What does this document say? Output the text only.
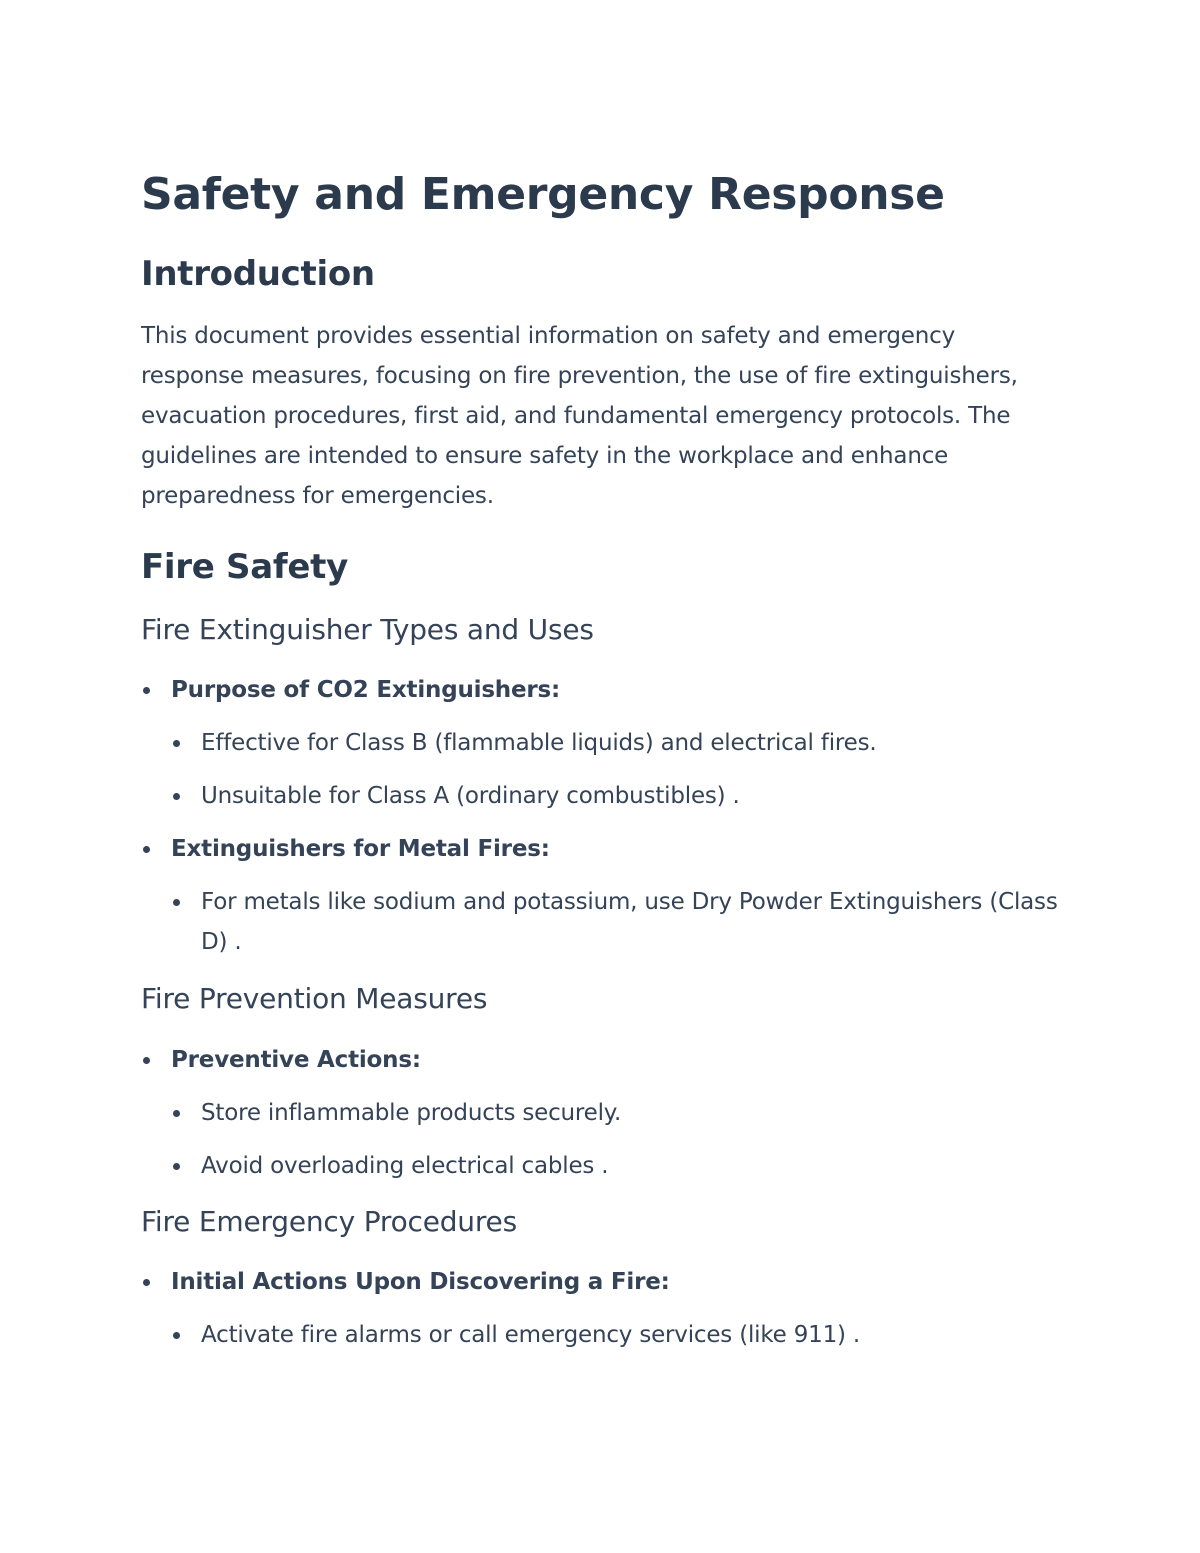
Safety and Emergency Response
Introduction

This document provides essential information on safety and emergency response measures, focusing on fire prevention, the use of fire extinguishers, evacuation procedures, first aid, and fundamental emergency protocols. The guidelines are intended to ensure safety in the workplace and enhance preparedness for emergencies.

Fire Safety
Fire Extinguisher Types and Uses
Purpose of CO2 Extinguishers:
Effective for Class B (flammable liquids) and electrical fires.
Unsuitable for Class A (ordinary combustibles) .
Extinguishers for Metal Fires:
For metals like sodium and potassium, use Dry Powder Extinguishers (Class D) .
Fire Prevention Measures
Preventive Actions:
Store inflammable products securely.
Avoid overloading electrical cables .
Fire Emergency Procedures
Initial Actions Upon Discovering a Fire:
Activate fire alarms or call emergency services (like 911) .
